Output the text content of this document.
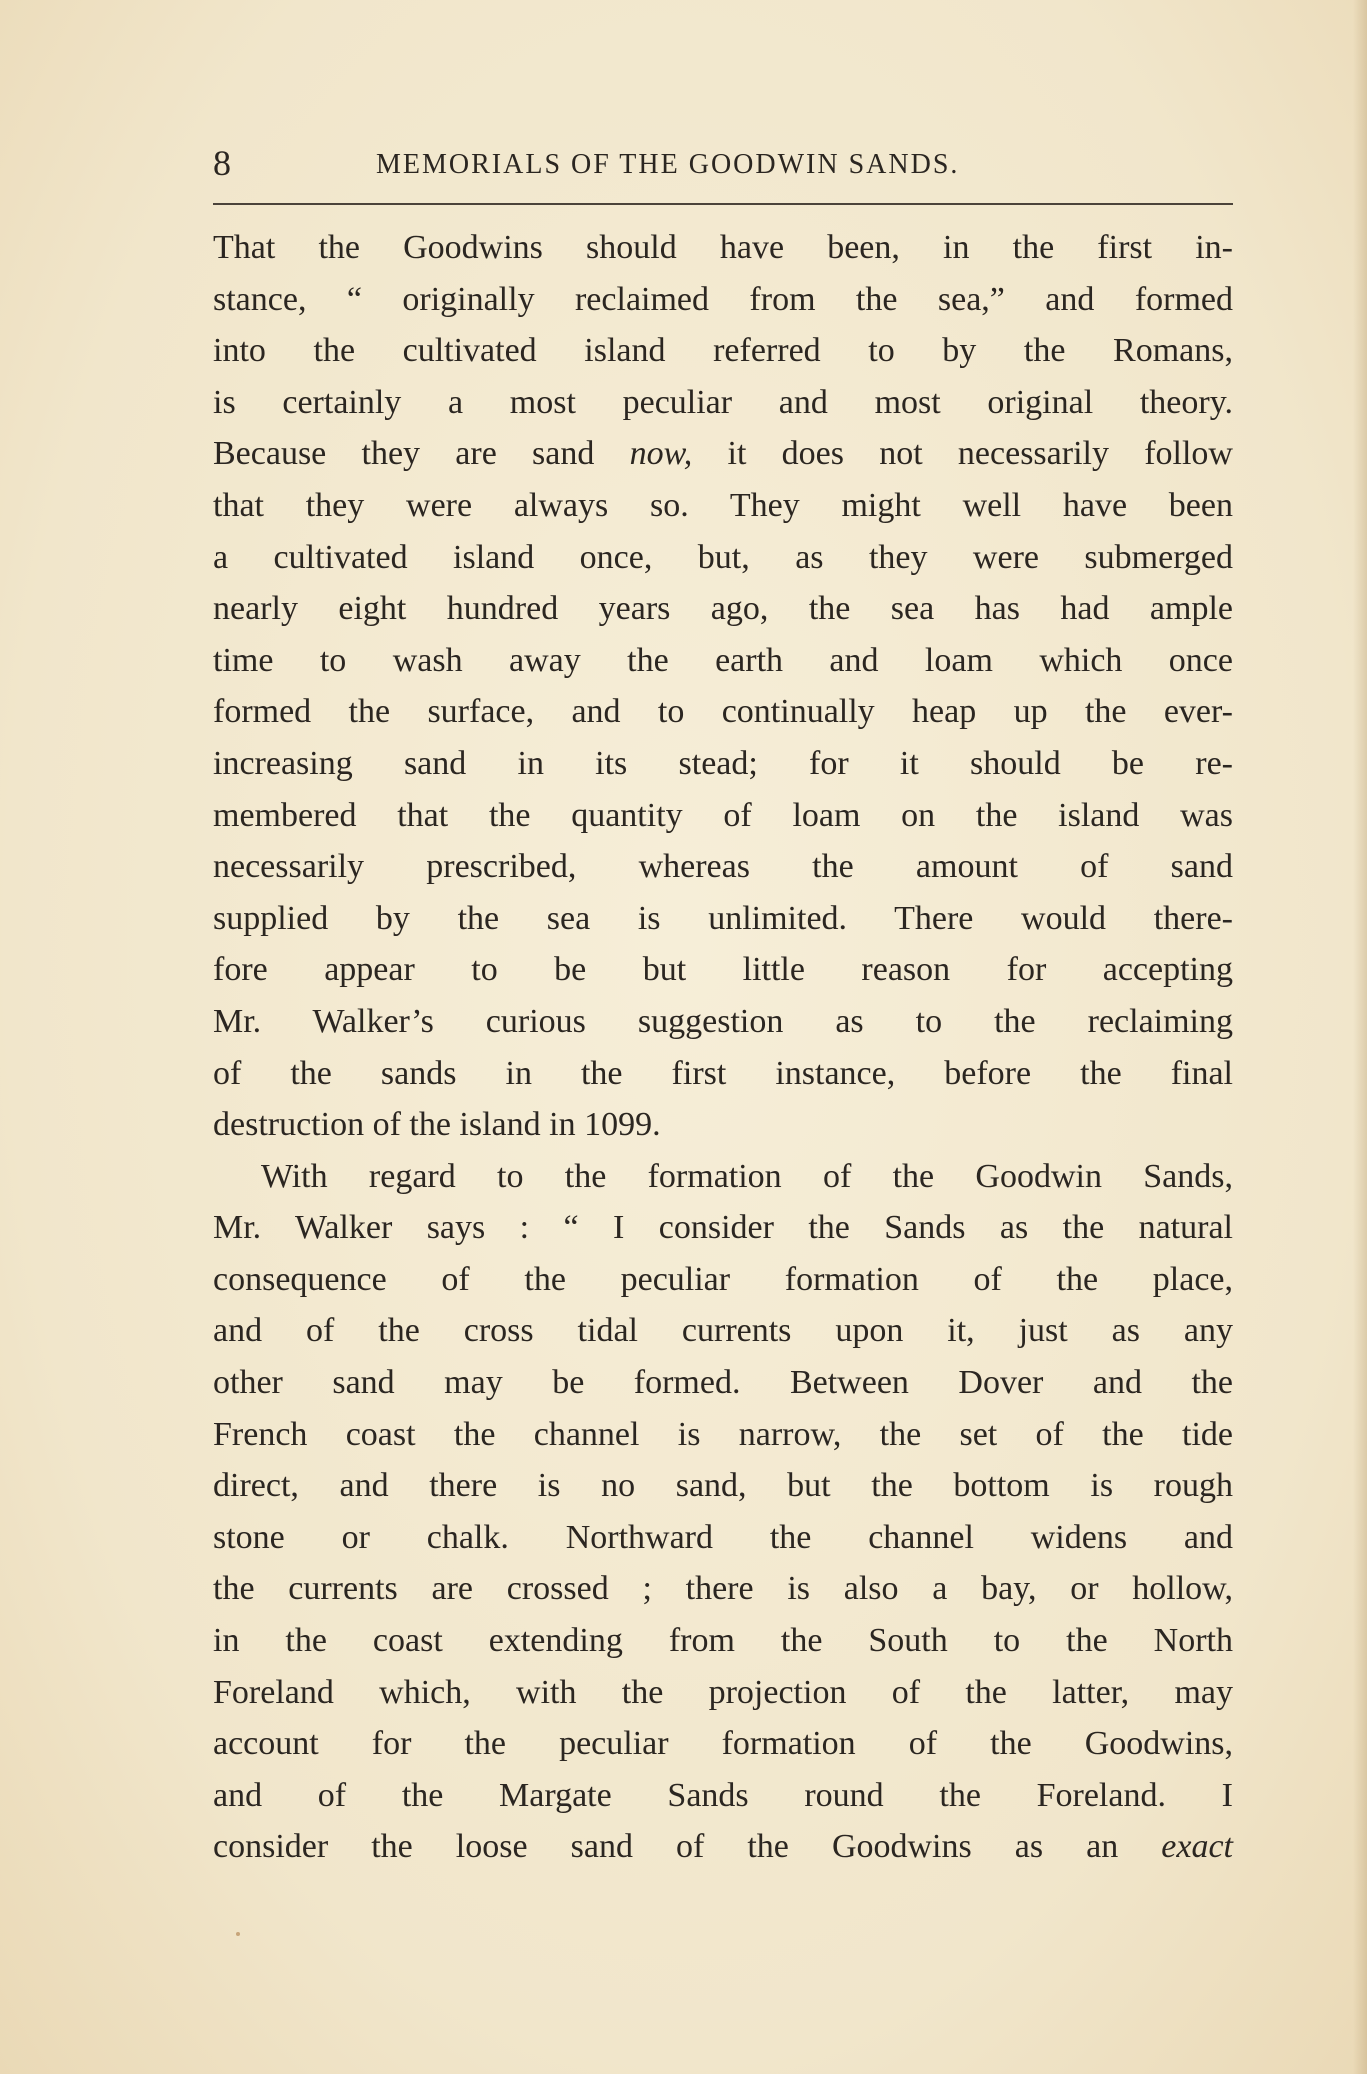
8	MEMORIALS OF THE GOODWIN SANDS.
That the Goodwins should have been, in the first in-
stance, “ originally reclaimed from the sea,” and formed
into the cultivated island referred to by the Romans,
is certainly a most peculiar and most original theory.
Because they are sand now, it does not necessarily follow
that they were always so. They might well have been
a cultivated island once, but, as they were submerged
nearly eight hundred years ago, the sea has had ample
time to wash away the earth and loam which once
formed the surface, and to continually heap up the ever-
increasing sand in its stead; for it should be re-
membered that the quantity of loam on the island was
necessarily prescribed, whereas the amount of sand
supplied by the sea is unlimited. There would there-
fore appear to be but little reason for accepting
Mr. Walker’s curious suggestion as to the reclaiming
of the sands in the first instance, before the final
destruction of the island in 1099.
With regard to the formation of the Goodwin Sands,
Mr. Walker says : “ I consider the Sands as the natural
consequence of the peculiar formation of the place,
and of the cross tidal currents upon it, just as any
other sand may be formed. Between Dover and the
French coast the channel is narrow, the set of the tide
direct, and there is no sand, but the bottom is rough
stone or chalk. Northward the channel widens and
the currents are crossed ; there is also a bay, or hollow,
in the coast extending from the South to the North
Foreland which, with the projection of the latter, may
account for the peculiar formation of the Goodwins,
and of the Margate Sands round the Foreland. I
consider the loose sand of the Goodwins as an exact
